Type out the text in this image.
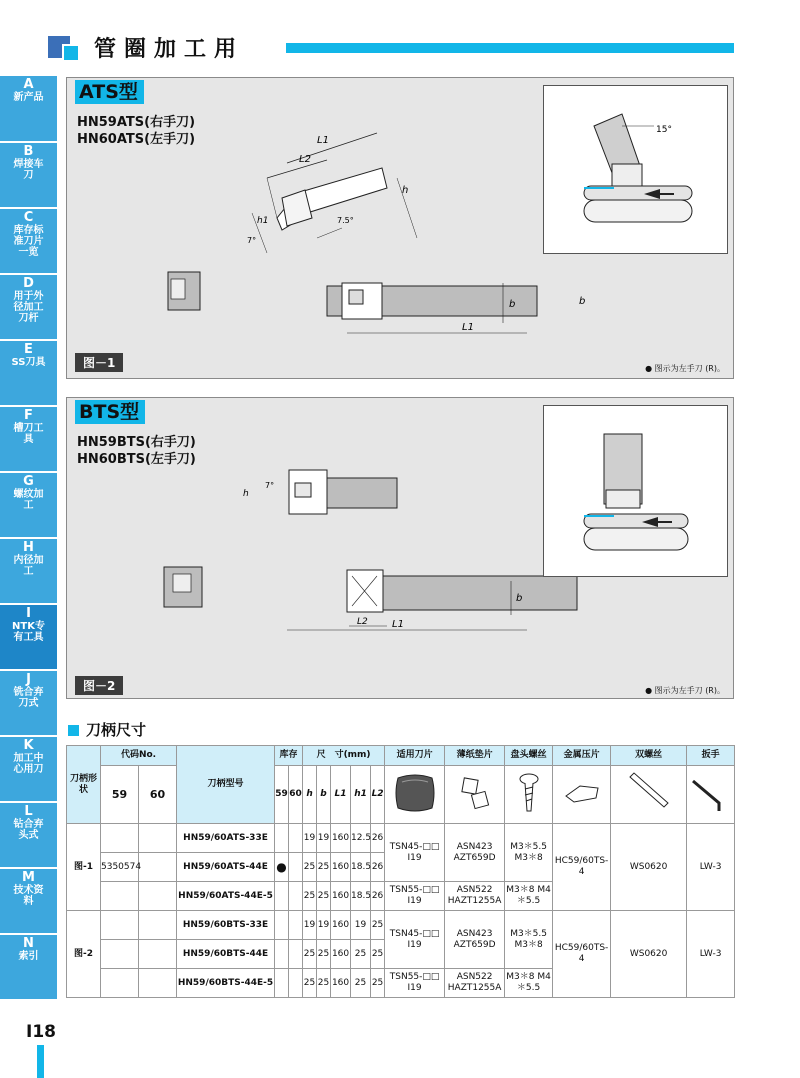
管圈加工用
A
新产品
B
焊接车刀
C
库存标准刀片一览
D
用于外径加工刀杆
E
SS刀具
F
槽刀工具
G
螺纹加工
H
内径加工
I
NTK专有工具
J
铣合弃刀式
K
加工中心用刀
L
钻合弃头式
M
技术资料
N
索引
I18
ATS型
HN59ATS(右手刀)
HN60ATS(左手刀)	L1
L2
h
h1
7°
7.5°
L1
b
b
15°
图－1	● 图示为左手刀 (R)。
BTS型
HN59BTS(右手刀)
HN60BTS(左手刀)
h
7°
L2 L1
b
图－2	● 图示为左手刀 (R)。
刀柄尺寸
刀柄形状	代码No.		刀柄型号	库存		尺　寸(mm)					适用刀片	薄纸垫片	盘头螺丝	金属压片	双螺丝	扳手
	59	60		59	60	h	b	L1	h1	L2						
图-1			HN59/60ATS-33E			19	19	160	12.5	26	TSN45-□□ I19	ASN423 AZT659D	M3＊5.5 M3＊8	HC59/60TS-4	WS0620	LW-3
	5350574		HN59/60ATS-44E	●		25	25	160	18.5	26						
			HN59/60ATS-44E-5			25	25	160	18.5	26	TSN55-□□ I19	ASN522 HAZT1255A	M3＊8 M4＊5.5			
图-2			HN59/60BTS-33E			19	19	160	19	25	TSN45-□□ I19	ASN423 AZT659D	M3＊5.5 M3＊8	HC59/60TS-4	WS0620	LW-3
			HN59/60BTS-44E			25	25	160	25	25						
			HN59/60BTS-44E-5			25	25	160	25	25	TSN55-□□ I19	ASN522 HAZT1255A	M3＊8 M4＊5.5			
